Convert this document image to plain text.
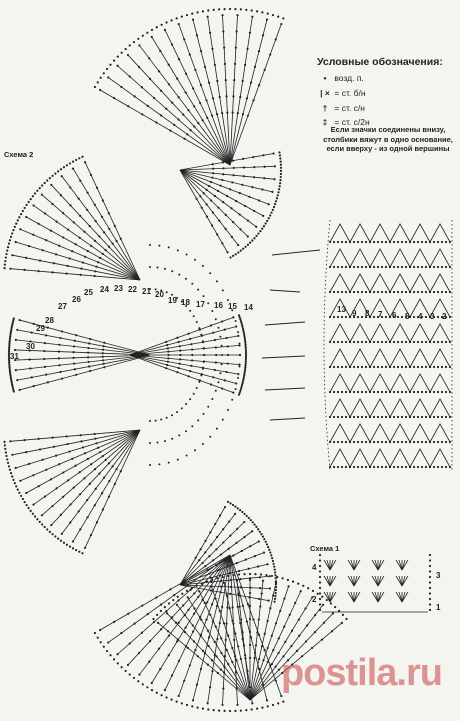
Условные обозначения:
• возд. п.
| × = ст. б/н
† = ст. с/н
‡ = ст. с/2н
Если значки соединены внизу, столбики вяжут в одно основание, если вверху - из одной вершины
Схема 2
Схема 1
31
30
29
28
27
26
25 24 23 22 21 20
19 18 17 16 15 14	13 9 8 7 6 5 4 3 2
4
2
3
1
postila.ru
